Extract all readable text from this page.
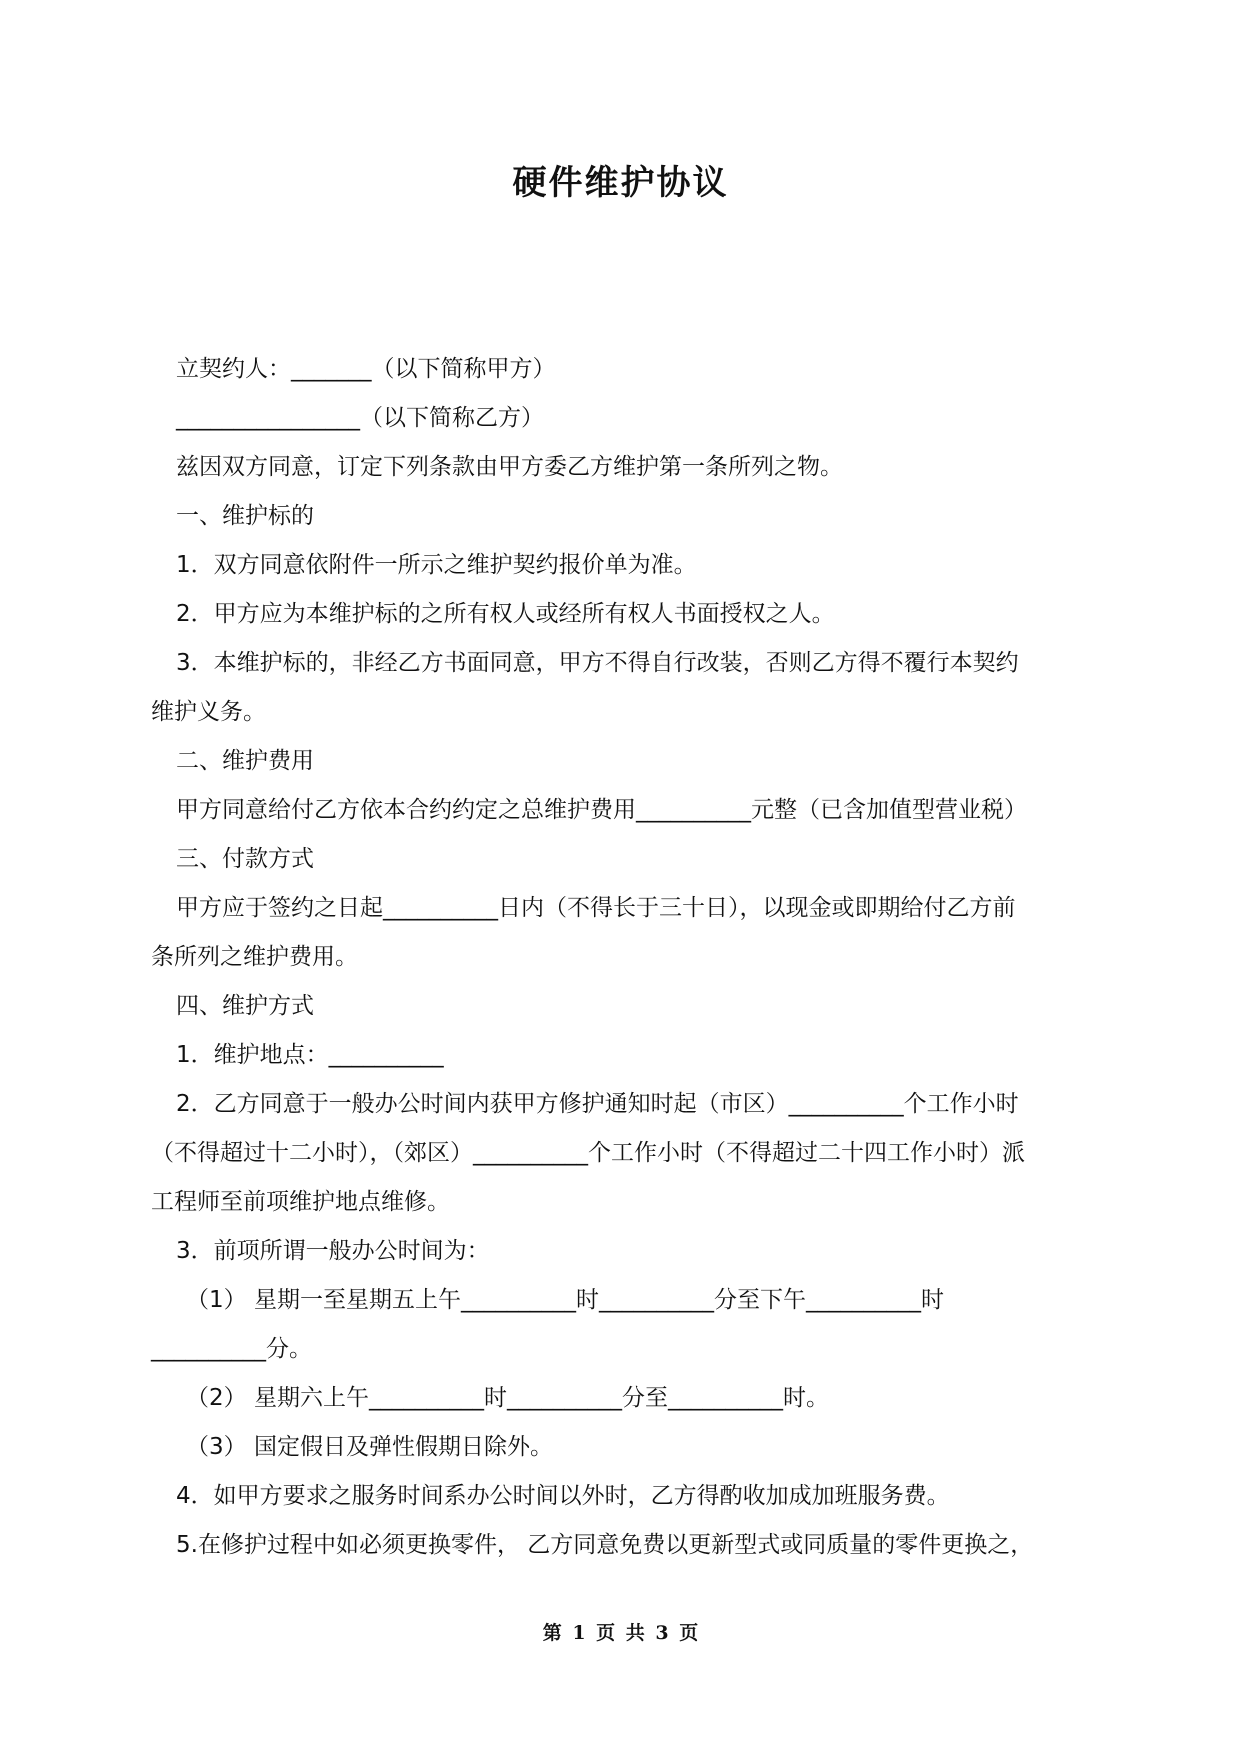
硬件维护协议

立契约人：_______（以下简称甲方）

________________（以下简称乙方）

兹因双方同意，订定下列条款由甲方委乙方维护第一条所列之物。

一、维护标的

1．双方同意依附件一所示之维护契约报价单为准。

2．甲方应为本维护标的之所有权人或经所有权人书面授权之人。

3．本维护标的，非经乙方书面同意，甲方不得自行改装，否则乙方得不覆行本契约

维护义务。

二、维护费用

甲方同意给付乙方依本合约约定之总维护费用__________元整（已含加值型营业税）

三、付款方式

甲方应于签约之日起__________日内（不得长于三十日），以现金或即期给付乙方前

条所列之维护费用。

四、维护方式

1．维护地点：__________

2．乙方同意于一般办公时间内获甲方修护通知时起（市区）__________个工作小时

（不得超过十二小时），（郊区）__________个工作小时（不得超过二十四工作小时）派

工程师至前项维护地点维修。

3．前项所谓一般办公时间为：

（1） 星期一至星期五上午__________时__________分至下午__________时

__________分。

（2） 星期六上午__________时__________分至__________时。

（3） 国定假日及弹性假期日除外。

4．如甲方要求之服务时间系办公时间以外时，乙方得酌收加成加班服务费。

5.在修护过程中如必须更换零件， 乙方同意免费以更新型式或同质量的零件更换之，

第 1 页 共 3 页
